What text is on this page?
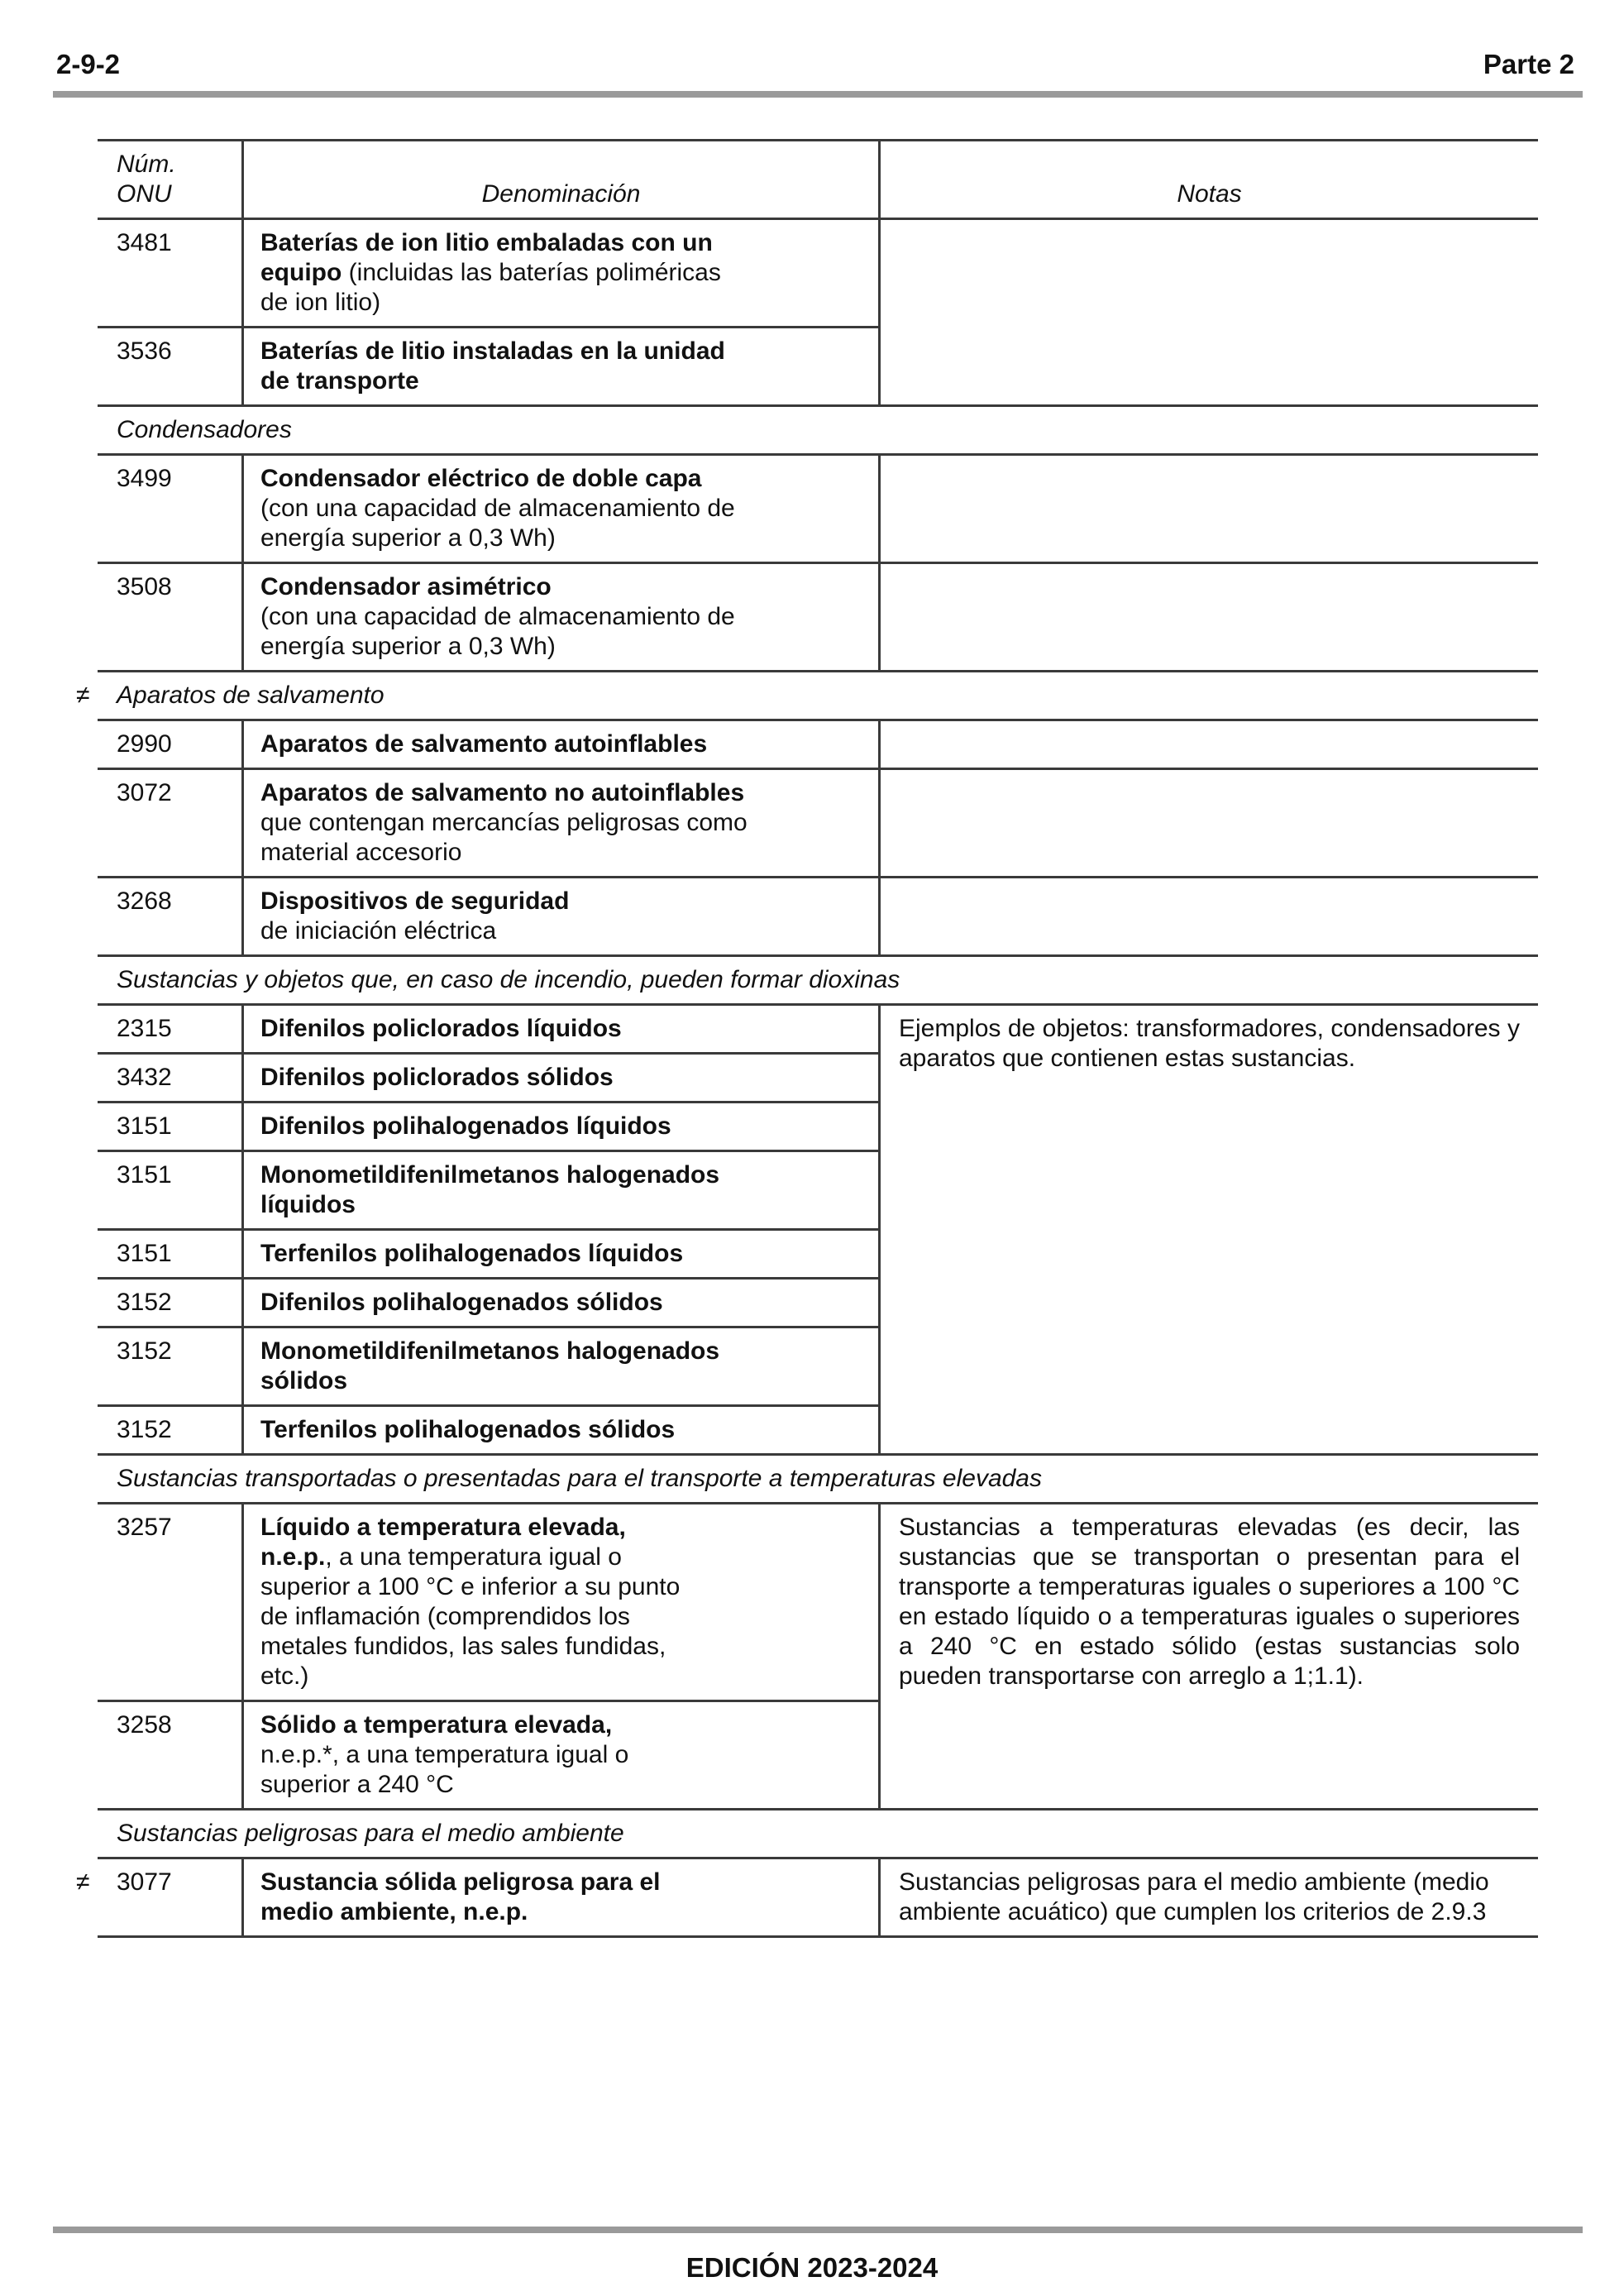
2-9-2	Parte 2
Núm.
ONU	Denominación	Notas
3481	Baterías de ion litio embaladas con un equipo (incluidas las baterías poliméricas de ion litio)
3536	Baterías de litio instaladas en la unidad de transporte
Condensadores
3499	Condensador eléctrico de doble capa
(con una capacidad de almacenamiento de energía superior a 0,3 Wh)
3508	Condensador asimétrico
(con una capacidad de almacenamiento de energía superior a 0,3 Wh)
≠	Aparatos de salvamento
2990	Aparatos de salvamento autoinflables
3072	Aparatos de salvamento no autoinflables que contengan mercancías peligrosas como material accesorio
3268	Dispositivos de seguridad
de iniciación eléctrica
Sustancias y objetos que, en caso de incendio, pueden formar dioxinas
2315	Difenilos policlorados líquidos
3432	Difenilos policlorados sólidos
3151	Difenilos polihalogenados líquidos
3151	Monometildifenilmetanos halogenados líquidos
3151	Terfenilos polihalogenados líquidos
3152	Difenilos polihalogenados sólidos
3152	Monometildifenilmetanos halogenados sólidos
3152	Terfenilos polihalogenados sólidos
Ejemplos de objetos: transformadores, condensadores y aparatos que contienen estas sustancias.
Sustancias transportadas o presentadas para el transporte a temperaturas elevadas
3257	Líquido a temperatura elevada, n.e.p., a una temperatura igual o superior a 100 °C e inferior a su punto de inflamación (comprendidos los metales fundidos, las sales fundidas, etc.)
3258	Sólido a temperatura elevada, n.e.p.*, a una temperatura igual o superior a 240 °C
Sustancias a temperaturas elevadas (es decir, las sustancias que se transportan o presentan para el transporte a temperaturas iguales o superiores a 100 °C en estado líquido o a temperaturas iguales o superiores a 240 °C en estado sólido (estas sustancias solo pueden transportarse con arreglo a 1;1.1).
Sustancias peligrosas para el medio ambiente
≠	3077	Sustancia sólida peligrosa para el medio ambiente, n.e.p.
Sustancias peligrosas para el medio ambiente (medio ambiente acuático) que cumplen los criterios de 2.9.3
EDICIÓN 2023-2024
